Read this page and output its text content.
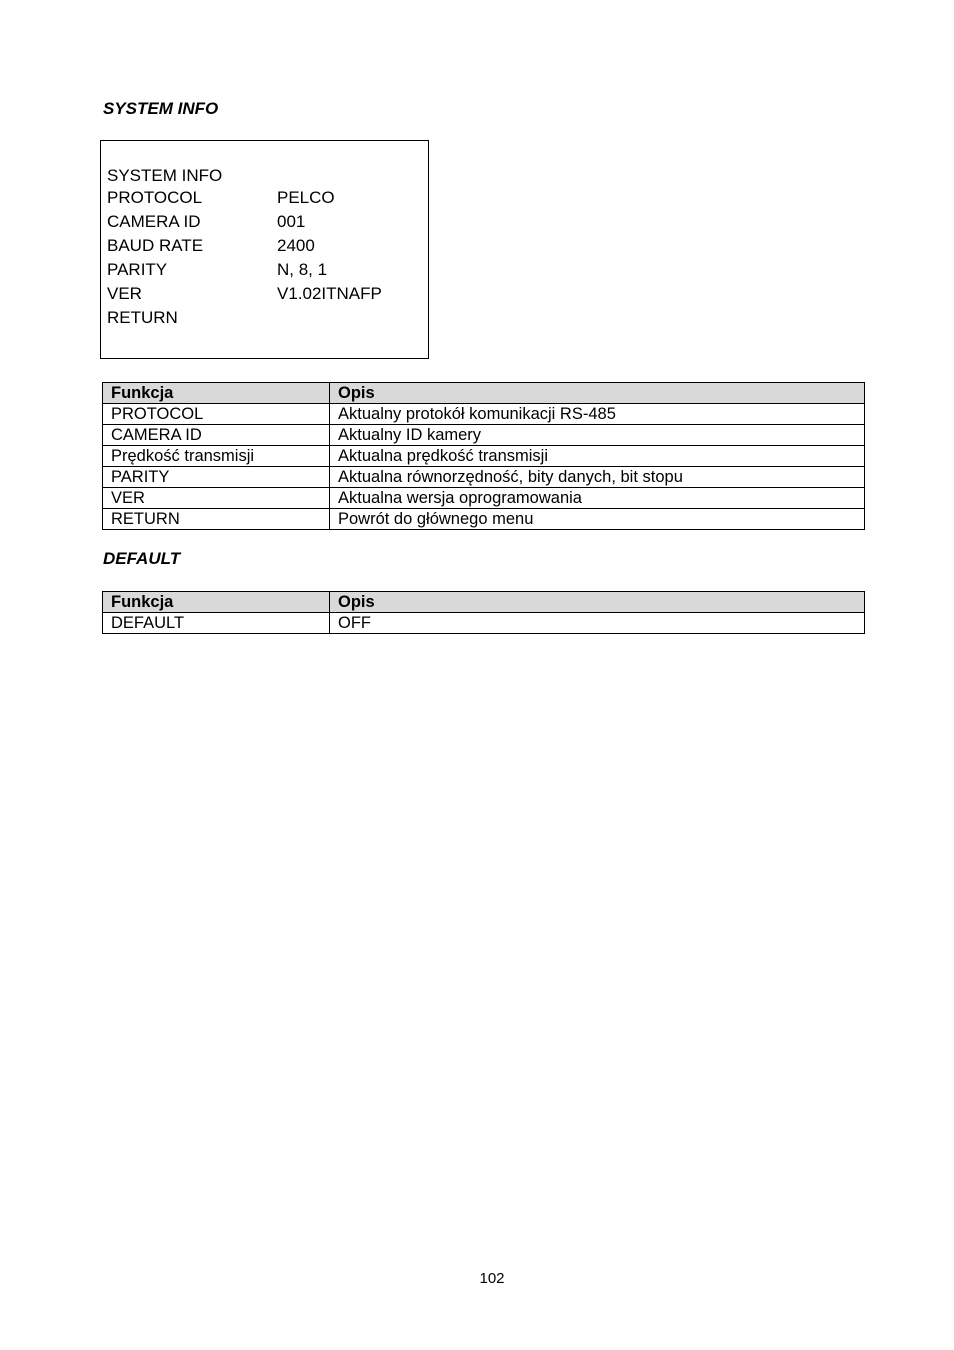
SYSTEM INFO
SYSTEM INFO
PROTOCOL	PELCO
CAMERA ID	001
BAUD RATE	2400
PARITY	N, 8, 1
VER	V1.02ITNAFP
RETURN
Funkcja	Opis
PROTOCOL	Aktualny protokół komunikacji RS-485
CAMERA ID	Aktualny ID kamery
Prędkość transmisji	Aktualna prędkość transmisji
PARITY	Aktualna równorzędność, bity danych, bit stopu
VER	Aktualna wersja oprogramowania
RETURN	Powrót do głównego menu
DEFAULT
Funkcja	Opis
DEFAULT	OFF
102
